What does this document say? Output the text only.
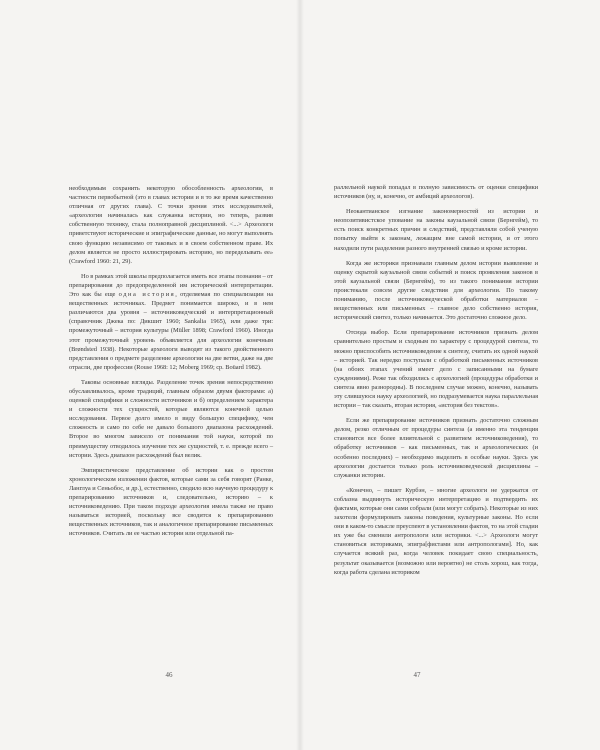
необходимым сохранить некоторую обособленность археологии, в частности первобытной (это в главах истории и в то же время качественно отличная от других глава). С точки зрения этих исследователей, «археология начиналась как служанка истории, но теперь, развив собственную технику, стала полноправной дисциплиной. <...> Археологи приветствуют исторические и эпиграфические данные, но могут выполнять свою функцию независимо от таковых и в своем собственном праве. Их делом является не просто иллюстрировать историю, но переделывать ее» (Crawford 1960: 21, 29).

Но в рамках этой школы предполагается иметь все этапы познания – от препарирования до предопределенной им исторической интерпретации. Это как бы еще одна история, отделяемая по специализации на вещественных источниках. Предмет понимается широко, и в нем различаются два уровня – источниковедческий и интерпретационный (справочник Джека по: Дикшит 1960; Sankalia 1965), или даже три: промежуточный – история культуры (Müller 1898; Crawford 1960). Иногда этот промежуточный уровень объявляется для археологии конечным (Brøndsted 1938). Некоторые археологи выводят из такого двойственного представления о предмете разделение археологии на две ветви, даже на две отрасли, две профессии (Rouse 1968: 12; Moberg 1969; cp. Boüard 1982).

Таковы основные взгляды. Разделение точек зрения непосредственно обуславливалось, кроме традиций, главным образом двумя факторами: а) оценкой специфики и сложности источников и б) определением характера и сложности тех сущностей, которые являются конечной целью исследования. Первое долго имело в виду большую специфику, чем сложность и само по себе не давало большого диапазона расхождений. Второе во многом зависело от понимания той науки, которой по преимуществу отводилось изучение тех же сущностей, т. е. прежде всего – истории. Здесь диапазон расхождений был велик.

Эмпиристическое представление об истории как о простом хронологическом изложении фактов, которые сами за себя говорят (Ранке, Ланглуа и Сеньобос, и др.), естественно, сводило всю научную процедуру к препарированию источников и, следовательно, историю – к источниковедению. При таком подходе археология имела также не право называться историей, поскольку все сводится к препарированию вещественных источников, так и аналогичное препарирование письменных источников. Считать ли ее частью истории или отдельной па-

46

раллельной наукой попадал в полную зависимость от оценки специфики источников (ну, и, конечно, от амбиций археологов).

Неокантианское изгнание закономерностей из истории и неопозитивистское упование на законы каузальной связи (Бернгейм), то есть поиск конкретных причин и следствий, представляли собой ученую попытку выйти к законам, лежащим вне самой истории, и от этого находили пути разделения разного внутренней связью и кроме истории.

Когда же историки признавали главным делом истории выявление и оценку скрытой каузальной связи событий и поиск проявления законов в этой каузальной связи (Бернгейм), то из такого понимания истории проистекали совсем другие следствия для археологии. По такому пониманию, после источниковедческой обработки материалов – вещественных или письменных – главное дело собственно история, исторический синтез, только начинается. Это достаточно сложное дело.

Отсюда выбор. Если препарирование источников признать делом сравнительно простым и сходным по характеру с процедурой синтеза, то можно приспособить источниковедение к синтезу, считать их одной наукой – историей. Так нередко поступали с обработкой письменных источников (на обоих этапах учений имеет дело с записанными на бумаге суждениями). Реже так обходились с археологией (процедуры обработки и синтеза явно разнородны). В последнем случае можно, конечно, называть эту слившуюся науку археологией, но подразумевается наука параллельная истории – так сказать, вторая история, «история без текстов».

Если же препарирование источников признать достаточно сложным делом, резко отличным от процедуры синтеза (а именно эта тенденция становится все более влиятельной с развитием источниковедения), то обработку источников – как письменных, так и археологических (и особенно последних) – необходимо выделить в особые науки. Здесь уж археологии достается только роль источниковедческой дисциплины – служанки истории.

«Конечно, – пишет Курбэн, – многие археологи не удержатся от соблазна выдвинуть историческую интерпретацию и подтвердить их фактами, которые они сами собрали (или могут собрать). Некоторые из них захотели формулировать законы поведения, культурные законы. Но если они в каком-то смысле преуспеют в установлении фактов, то на этой стадии их уже бы сменили антропологи или историки. <...> Археологи могут становиться историками, эпигра[фистами или антропологами]. Но, как случается всякий раз, когда человек покидает свою специальность, результат оказывается (возможно или вероятно) не столь хорош, как тогда, когда работа сделана историком

47
